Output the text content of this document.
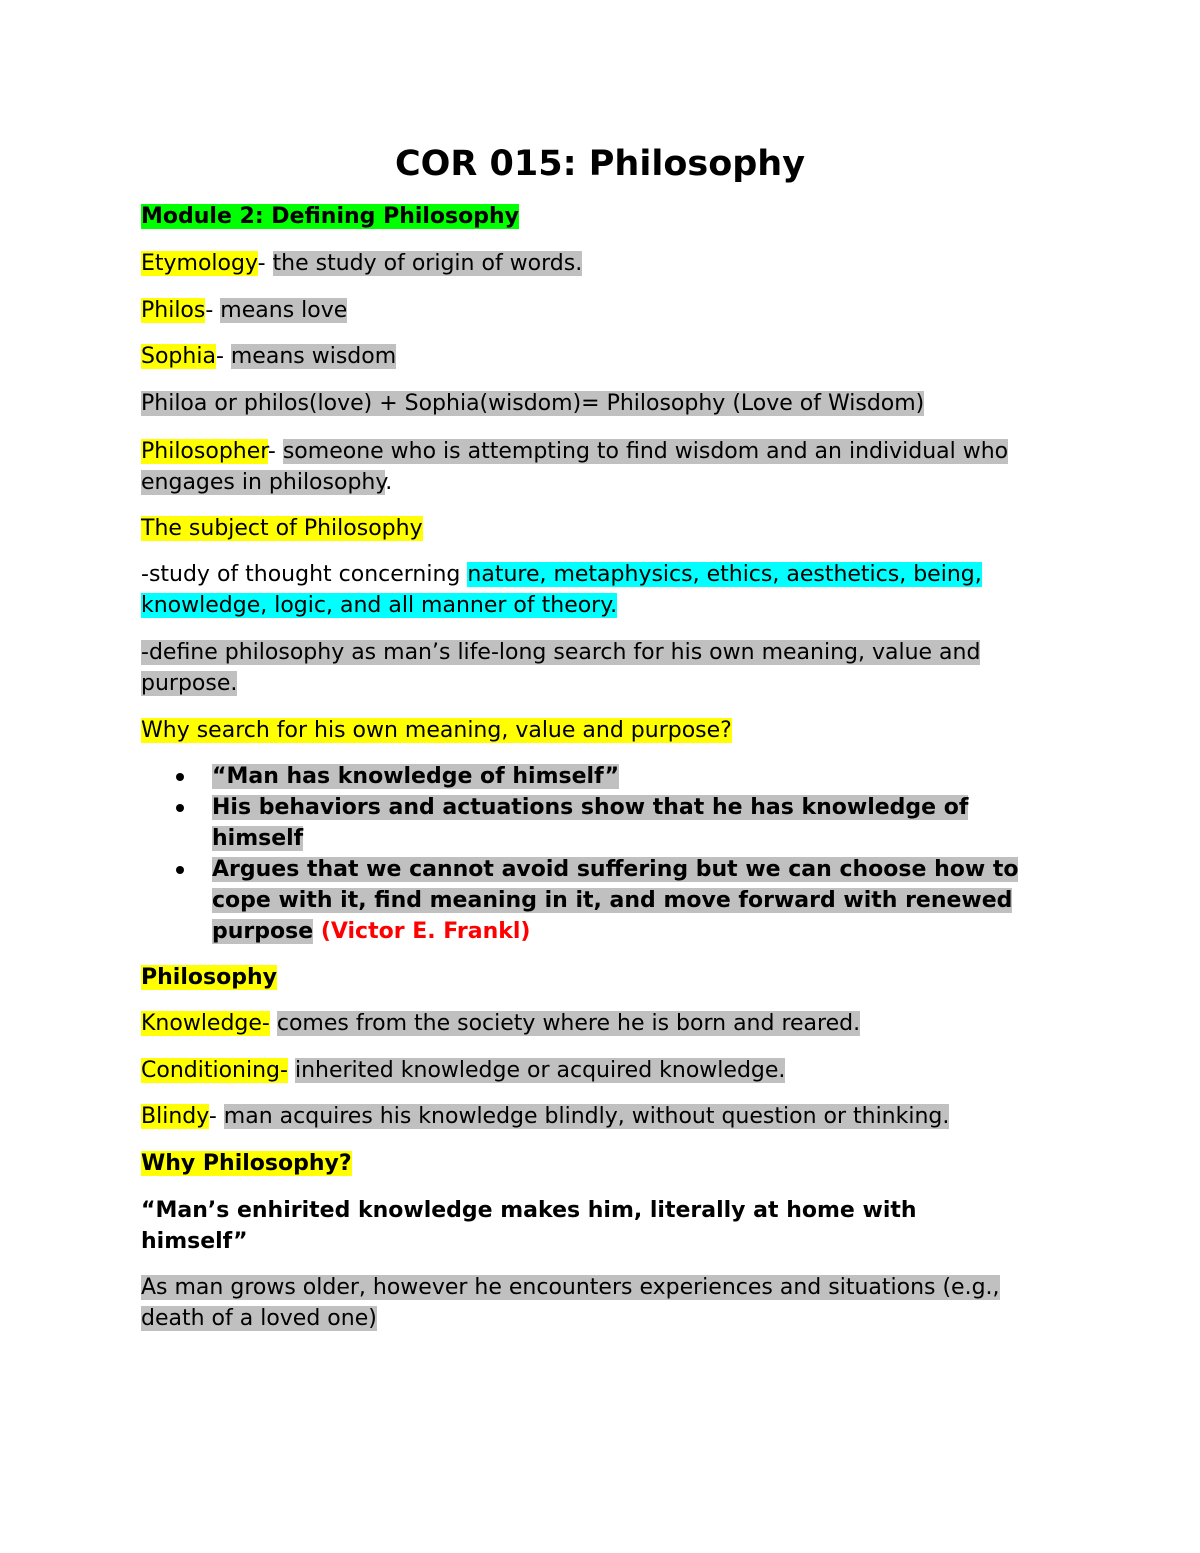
COR 015: Philosophy
Module 2: Defining Philosophy
Etymology- the study of origin of words.
Philos- means love
Sophia- means wisdom
Philoa or philos(love) + Sophia(wisdom)= Philosophy (Love of Wisdom)
Philosopher- someone who is attempting to find wisdom and an individual who engages in philosophy.
The subject of Philosophy
-study of thought concerning nature, metaphysics, ethics, aesthetics, being, knowledge, logic, and all manner of theory.
-define philosophy as man’s life-long search for his own meaning, value and purpose.
Why search for his own meaning, value and purpose?
“Man has knowledge of himself”
His behaviors and actuations show that he has knowledge of himself
Argues that we cannot avoid suffering but we can choose how to cope with it, find meaning in it, and move forward with renewed purpose (Victor E. Frankl)
Philosophy
Knowledge- comes from the society where he is born and reared.
Conditioning- inherited knowledge or acquired knowledge.
Blindy- man acquires his knowledge blindly, without question or thinking.
Why Philosophy?
“Man’s enhirited knowledge makes him, literally at home with himself”
As man grows older, however he encounters experiences and situations (e.g., death of a loved one)
